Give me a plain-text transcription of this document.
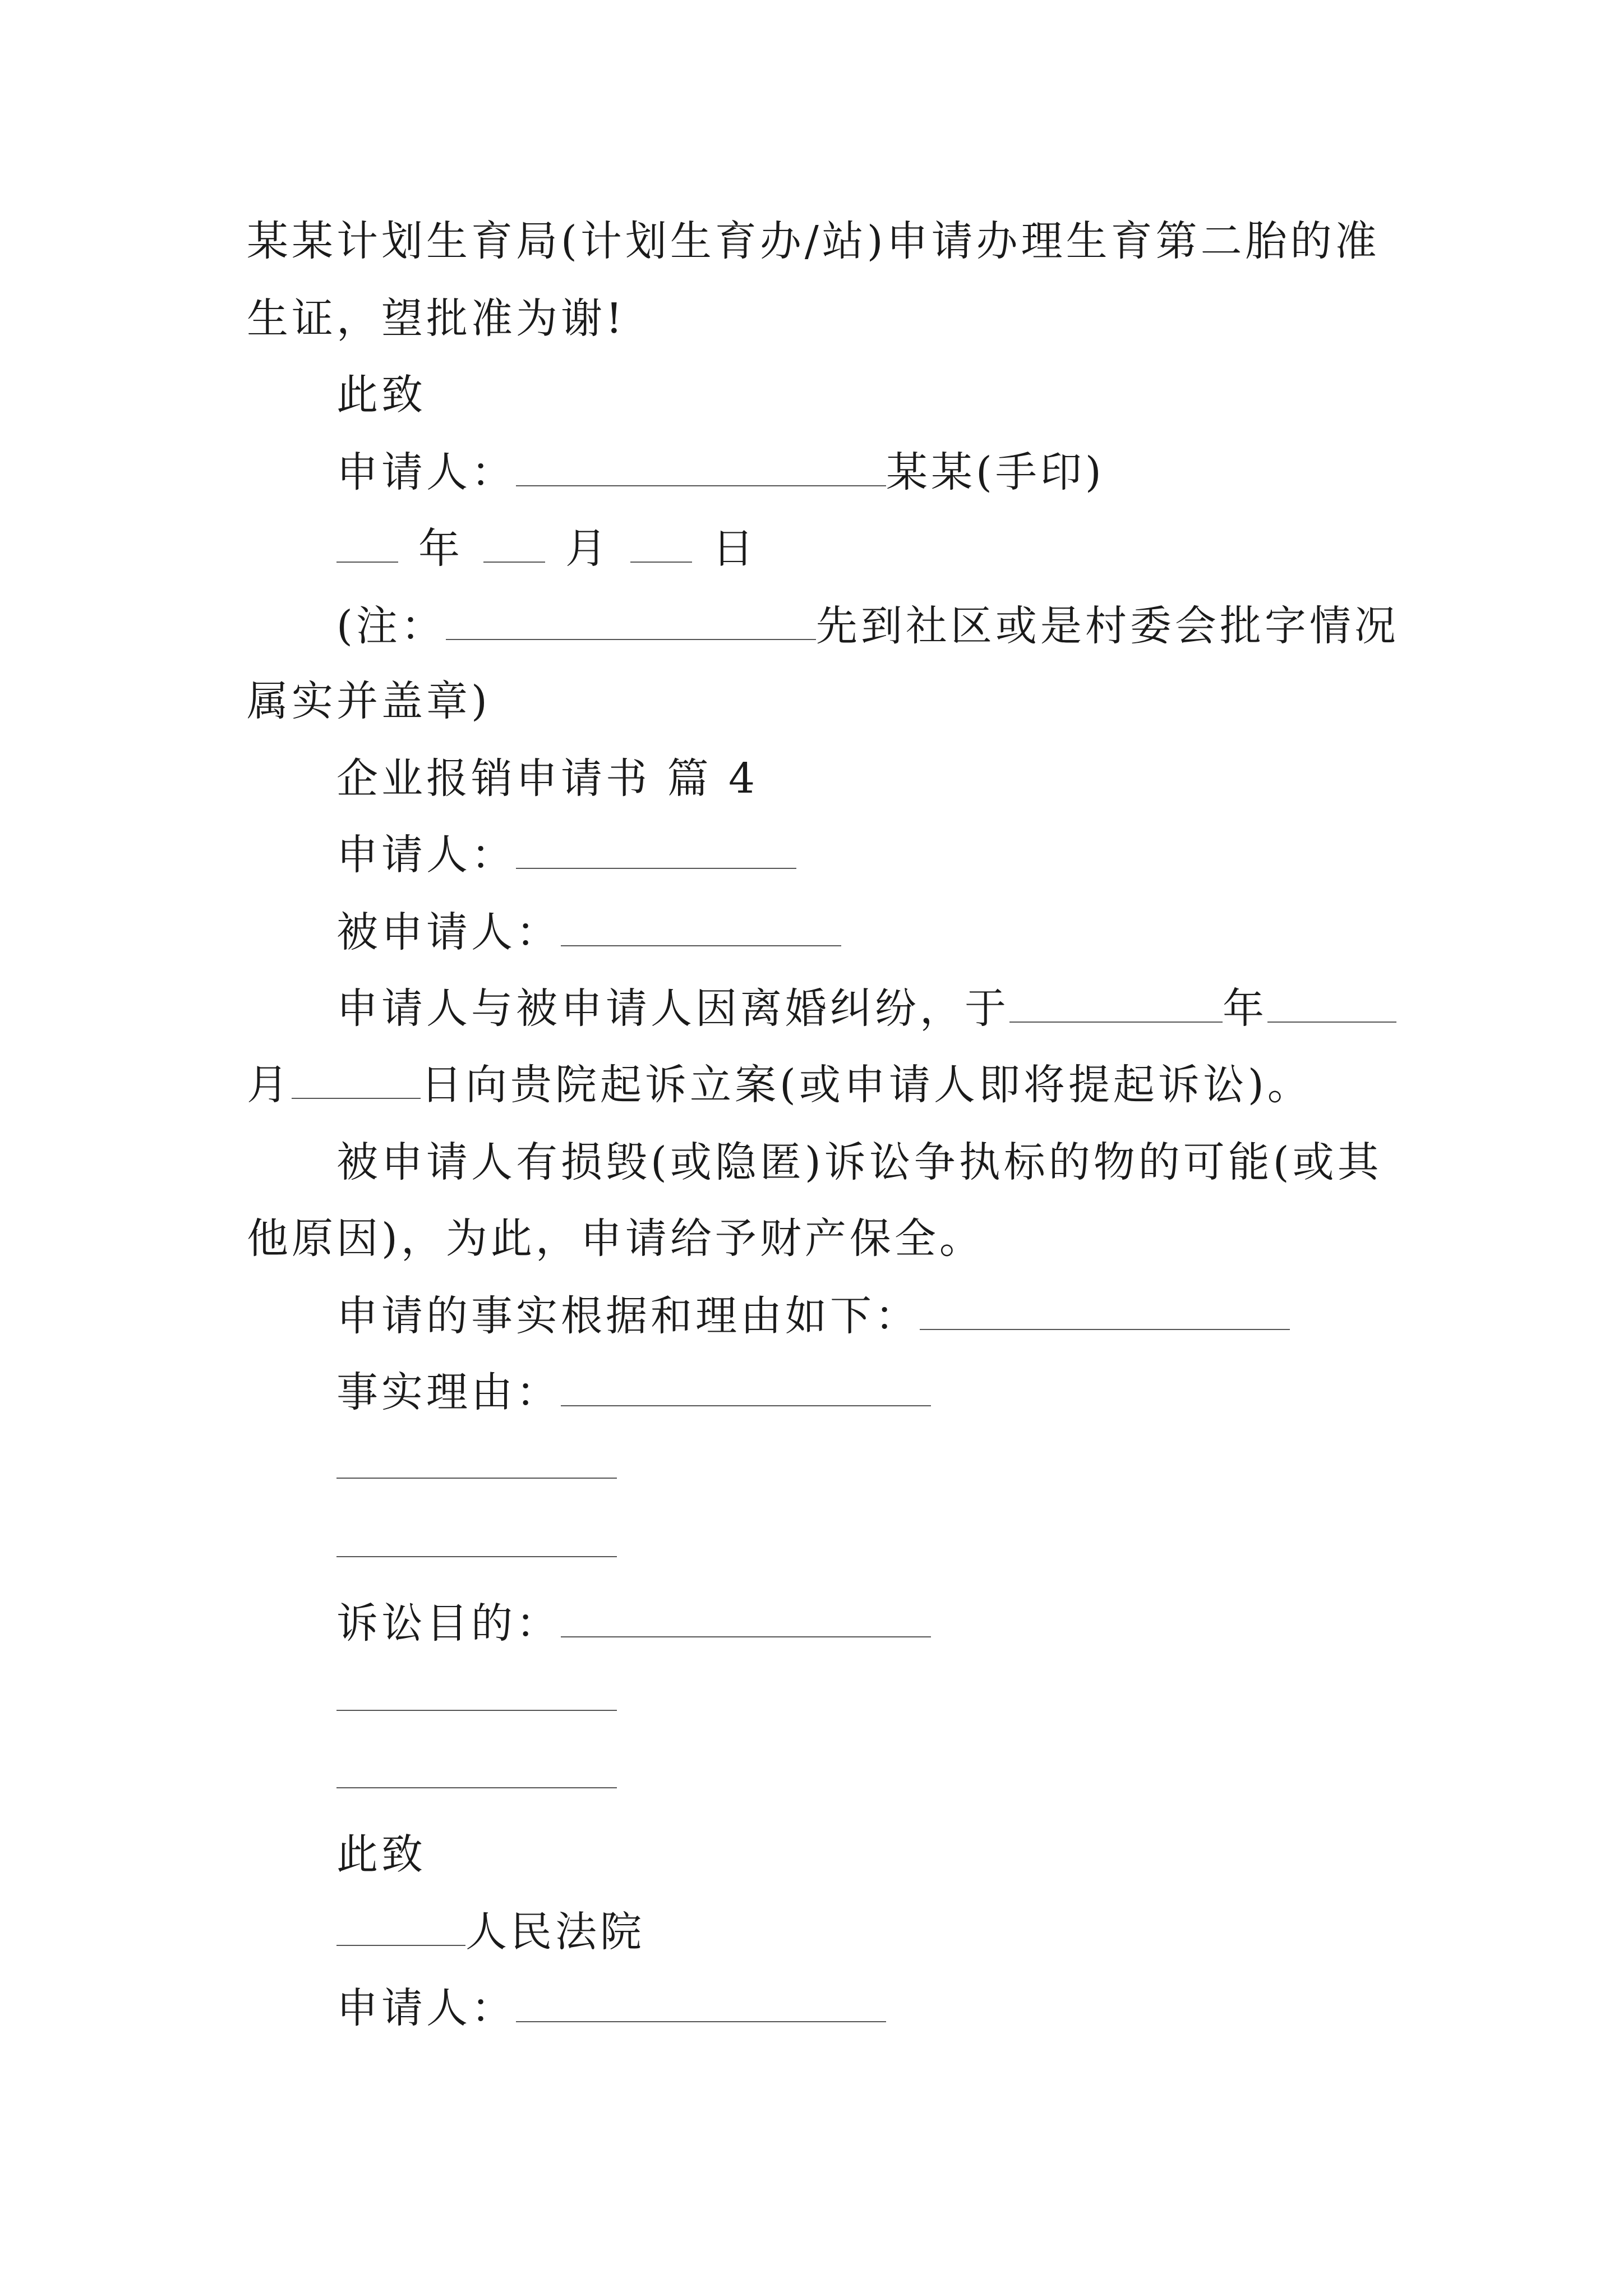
某某计划生育局(计划生育办/站)申请办理生育第二胎的准
生证，望批准为谢!
此致
申请人：	某某(手印)
年 月 日
(注：	先到社区或是村委会批字情况
属实并盖章)
企业报销申请书 篇 4
申请人：
被申请人：
申请人与被申请人因离婚纠纷，于	年
月	日向贵院起诉立案(或申请人即将提起诉讼)。
被申请人有损毁(或隐匿)诉讼争执标的物的可能(或其
他原因)，为此，申请给予财产保全。
申请的事实根据和理由如下：
事实理由：
诉讼目的：
此致
人民法院
申请人：
